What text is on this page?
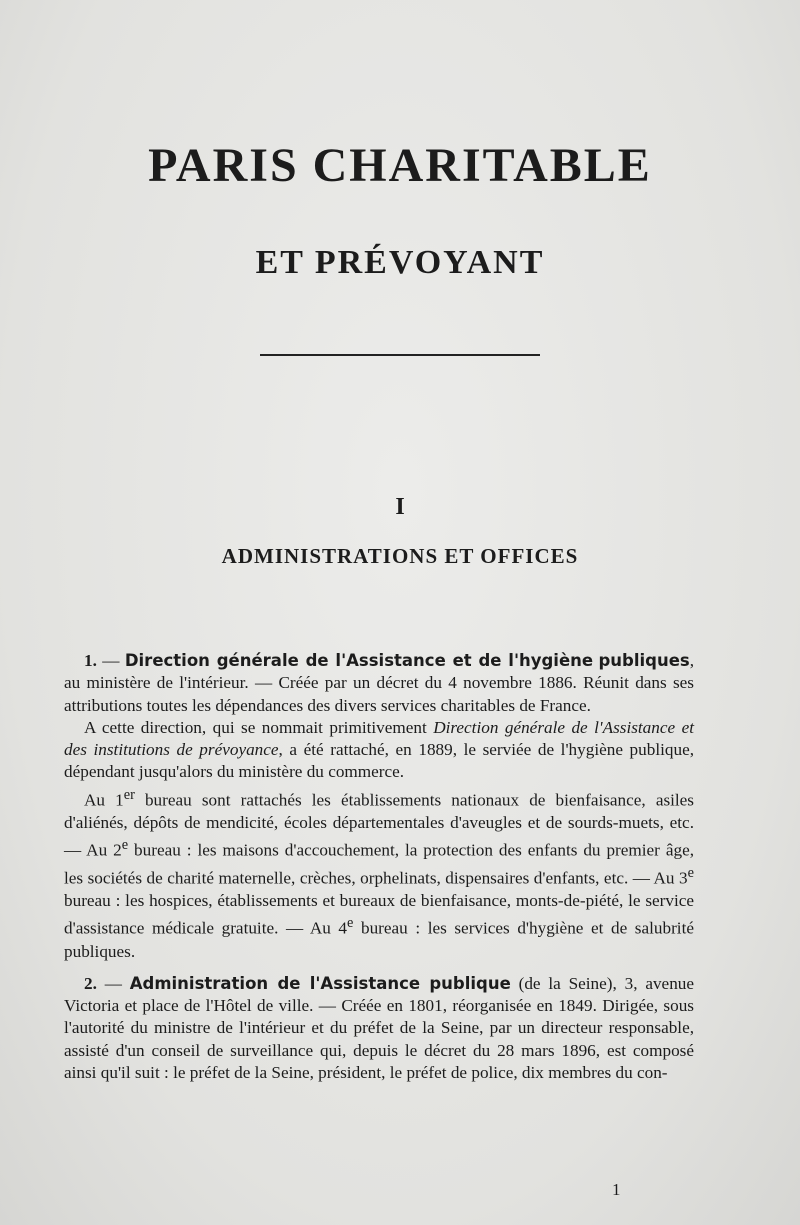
PARIS CHARITABLE
ET PRÉVOYANT
I
ADMINISTRATIONS ET OFFICES

1. — Direction générale de l'Assistance et de l'hygiène publiques, au ministère de l'intérieur. — Créée par un décret du 4 novembre 1886. Réunit dans ses attributions toutes les dépendances des divers services charitables de France.

A cette direction, qui se nommait primitivement Direction générale de l'Assistance et des institutions de prévoyance, a été rattaché, en 1889, le serviée de l'hygiène publique, dépendant jusqu'alors du ministère du commerce.

Au 1er bureau sont rattachés les établissements nationaux de bienfaisance, asiles d'aliénés, dépôts de mendicité, écoles départementales d'aveugles et de sourds-muets, etc. — Au 2e bureau : les maisons d'accouchement, la protection des enfants du premier âge, les sociétés de charité maternelle, crèches, orphelinats, dispensaires d'enfants, etc. — Au 3e bureau : les hospices, établissements et bureaux de bienfaisance, monts-de-piété, le service d'assistance médicale gratuite. — Au 4e bureau : les services d'hygiène et de salubrité publiques.

2. — Administration de l'Assistance publique (de la Seine), 3, avenue Victoria et place de l'Hôtel de ville. — Créée en 1801, réorganisée en 1849. Dirigée, sous l'autorité du ministre de l'intérieur et du préfet de la Seine, par un directeur responsable, assisté d'un conseil de surveillance qui, depuis le décret du 28 mars 1896, est composé ainsi qu'il suit : le préfet de la Seine, président, le préfet de police, dix membres du con-

1
